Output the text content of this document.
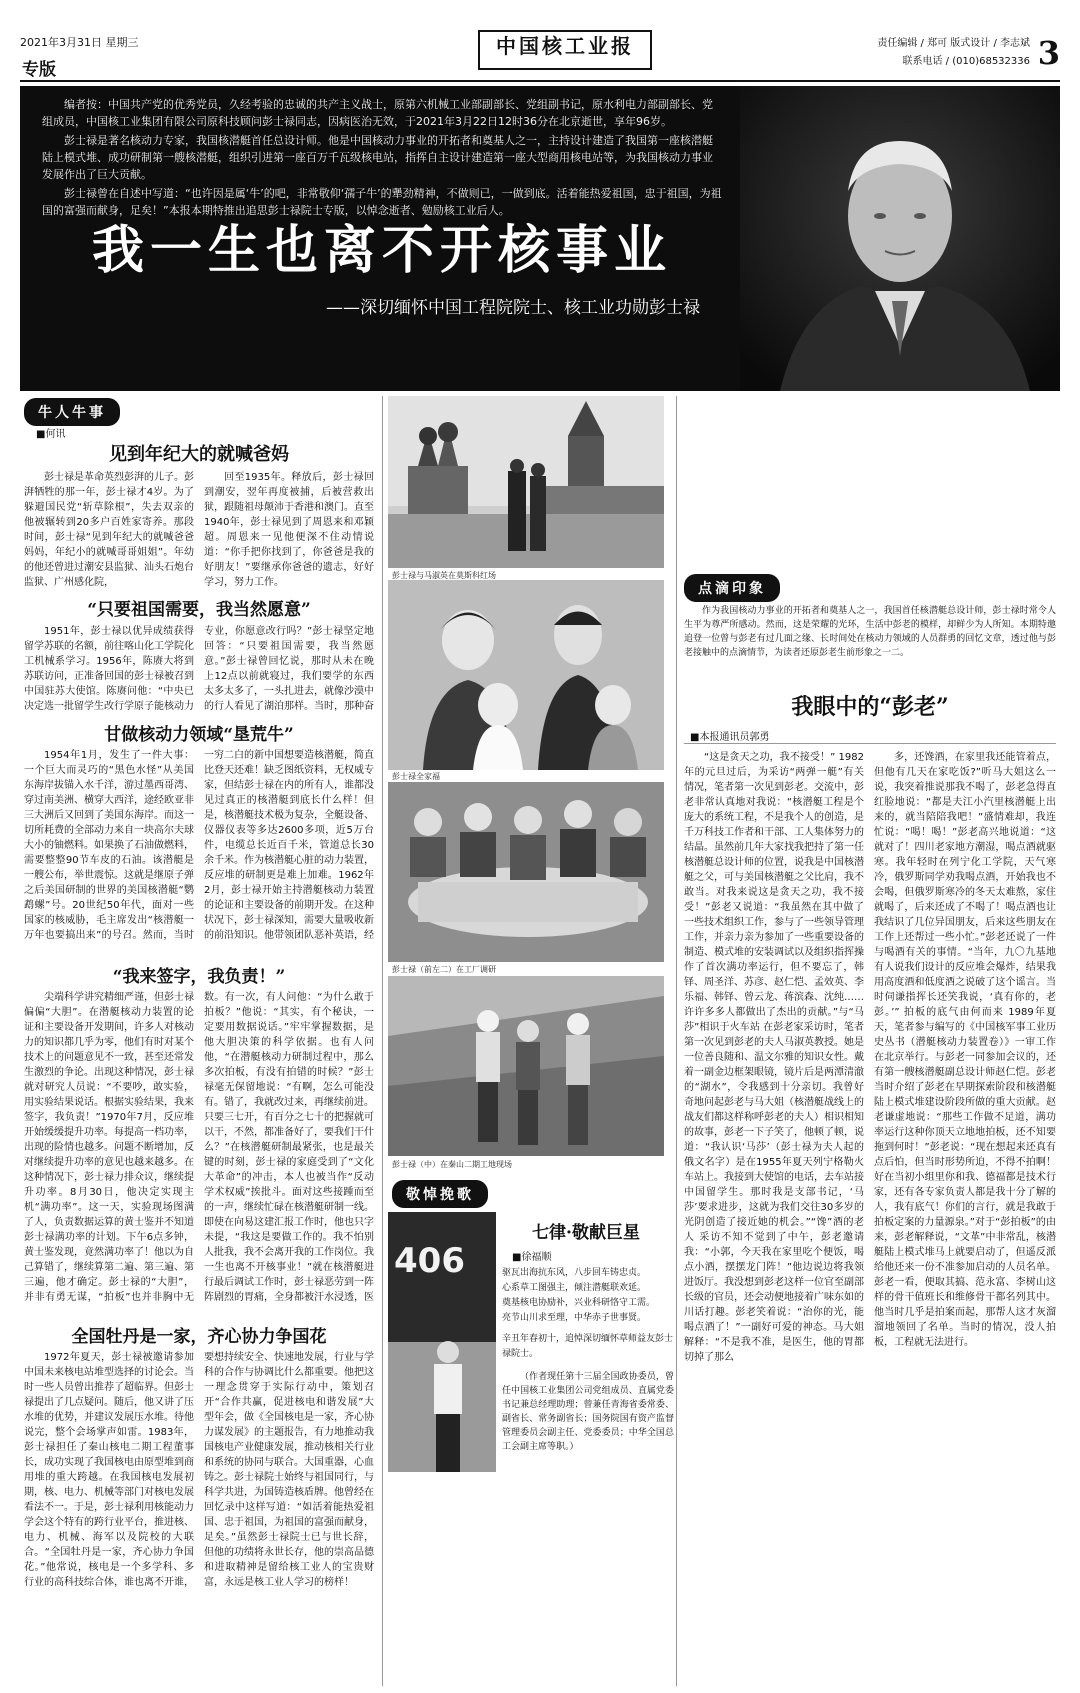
2021年3月31日 星期三
专版
中国核工业报	责任编辑 / 郑可 版式设计 / 李志斌
联系电话 / (010)68532336 3

编者按：中国共产党的优秀党员，久经考验的忠诚的共产主义战士，原第六机械工业部副部长、党组副书记，原水利电力部副部长、党组成员，中国核工业集团有限公司原科技顾问彭士禄同志，因病医治无效，于2021年3月22日12时36分在北京逝世，享年96岁。

彭士禄是著名核动力专家，我国核潜艇首任总设计师。他是中国核动力事业的开拓者和奠基人之一，主持设计建造了我国第一座核潜艇陆上模式堆、成功研制第一艘核潜艇，组织引进第一座百万千瓦级核电站，指挥自主设计建造第一座大型商用核电站等，为我国核动力事业发展作出了巨大贡献。

彭士禄曾在自述中写道：“也许因是属‘牛’的吧，非常敬仰‘孺子牛’的犟劲精神，不做则已，一做到底。活着能热爱祖国，忠于祖国，为祖国的富强而献身，足矣！”本报本期特推出追思彭士禄院士专版，以悼念逝者、勉励核工业后人。

我一生也离不开核事业
——深切缅怀中国工程院院士、核工业功勋彭士禄
牛人牛事
■何讯
见到年纪大的就喊爸妈

彭士禄是革命英烈彭湃的儿子。彭湃牺牲的那一年，彭士禄才4岁。为了躲避国民党“斩草除根”，失去双亲的他被辗转到20多户百姓家寄养。那段时间，彭士禄“见到年纪大的就喊爸爸妈妈，年纪小的就喊哥哥姐姐”。年幼的他还曾进过潮安县监狱、汕头石炮台监狱、广州感化院，

回至1935年。释放后，彭士禄回到潮安，翌年再度被捕，后被营救出狱，跟随祖母颠沛于香港和澳门。直至1940年，彭士禄见到了周恩来和邓颖超。周恩来一见他便深不住动情说道：“你手把你找到了，你爸爸是我的好朋友！”要继承你爸爸的遗志，好好学习，努力工作。

“只要祖国需要，我当然愿意”

1951年，彭士禄以优异成绩获得留学苏联的名额，前往喀山化工学院化工机械系学习。1956年，陈赓大将到苏联访问，正准备回国的彭士禄被召到中国驻苏大使馆。陈赓问他：“中央已决定选一批留学生改行学原子能核动力专业，你愿意改行吗？”彭士禄坚定地回答：“只要祖国需要，我当然愿意。”彭士禄曾回忆说，那时从未在晚上12点以前就寝过，我们要学的东西太多太多了，一头扎进去，就像沙漠中的行人看见了湖泊那样。当时，那种奋

甘做核动力领域“垦荒牛”

1954年1月，发生了一件大事：一个巨大而灵巧的“黑色水怪”从美国东海岸拔锚入水千洋，游过墨西哥湾、穿过南美洲、横穿大西洋，途经欧亚非三大洲后又回到了美国东海岸。而这一切所耗费的全部动力来自一块高尔夫球大小的铀燃料。如果换了石油做燃料，需要整整90节车皮的石油。该潜艇是一艘公布，举世震惊。这就是继原子弹之后美国研制的世界的美国核潜艇“鹦鹉螺”号。20世纪50年代，面对一些国家的核威胁，毛主席发出“核潜艇一万年也要搞出来”的号召。然而，当时一穷二白的新中国想要造核潜艇，简直比登天还难！缺乏图纸资料，无权威专家，但结彭士禄在内的所有人，谁都没见过真正的核潜艇到底长什么样！但是，核潜艇技术极为复杂，全艇设备、仪器仪表等多达2600多项，近5万台件，电缆总长近百千米，管道总长30余千米。作为核潜艇心脏的动力装置，反应堆的研制更是难上加难。1962年2月，彭士禄开始主持潜艇核动力装置的论证和主要设备的前期开发。在这种状况下，彭士禄深知，需要大量吸收新的前沿知识。他带领团队恶补英语，经

“我来签字，我负责！”

尖端科学讲究精细严谨，但彭士禄偏偏“大胆”。在潜艇核动力装置的论证和主要设备开发期间，许多人对核动力的知识都几乎为零，他们有时对某个技术上的问题意见不一致，甚至还常发生激烈的争论。出现这种情况，彭士禄就对研究人员说：“不要吵，敢实验，用实验结果说话。根据实验结果，我来签字，我负责！”1970年7月，反应堆开始缓缓提升功率。每提高一档功率，出现的险情也越多。问题不断增加，反对继续提升功率的意见也越来越多。在这种情况下，彭士禄力排众议，继续提升功率。8月30日，他决定实现主机“满功率”。这一天，实验现场图满了人，负责数据运算的黄士鉴并不知道彭士禄满功率的计划。下午6点多钟，黄士鉴发现，竟然满功率了！他以为自己算错了，继续算第二遍、第三遍、第三遍，他才确定。彭士禄的“大胆”，并非有勇无谋，“拍板”也并非胸中无数。有一次，有人问他：“为什么敢于拍板？”他说：“其实，有个秘诀，一定要用数据说话。”牢牢掌握数据，是他大胆决策的科学依据。也有人问他，“在潜艇核动力研制过程中，那么多次拍板，有没有拍错的时候？”彭士禄毫无保留地说：“有啊，怎么可能没有。错了，我就改过来，再继续前进。只要三七开，有百分之七十的把握就可以干，不然，都准备好了，要我们干什么？”在核潜艇研制最紧张，也是最关键的时刻，彭士禄的家庭受到了“文化大革命”的冲击，本人也被当作“反动学术权威”挨批斗。面对这些接踵而至的一声，继续忙碌在核潜艇研制一线。即使在向易这建汇报工作时，他也只字未提，“我这是要做工作的。我不怕别人批我，我不会离开我的工作岗位。我一生也离不开核事业！”就在核潜艇进行最后调试工作时，彭士禄恶劳到一阵阵剧烈的胃痛，全身都被汗水浸透，医

全国牡丹是一家，齐心协力争国花

1972年夏天，彭士禄被邀请参加中国未来核电站堆型选择的讨论会。当时一些人员曾出推荐了超临界。但彭士禄提出了几点疑问。随后，他又讲了压水堆的优势，并建议发展压水堆。待他说完，整个会场掌声如雷。1983年，彭士禄担任了秦山核电二期工程董事长，成功实现了我国核电由原型堆到商用堆的重大跨越。在我国核电发展初期，核、电力、机械等部门对核电发展看法不一。于是，彭士禄利用核能动力学会这个特有的跨行业平台，推进核、电力、机械、海军以及院校的大联合。“全国牡丹是一家，齐心协力争国花。”他常说，核电是一个多学科、多行业的高科技综合体，谁也离不开谁，要想持续安全、快速地发展，行业与学科的合作与协调比什么都重要。他把这一理念贯穿于实际行动中，策划召开“合作共赢，促进核电和谐发展”大型年会，做《全国核电是一家，齐心协力谋发展》的主题报告，有力地推动我国核电产业健康发展，推动核相关行业和系统的协同与联合。大国重器，心血铸之。彭士禄院士始终与祖国同行，与科学共进，为国铸造核盾牌。他曾经在回忆录中这样写道：“如活着能热爱祖国、忠于祖国，为祖国的富强而献身，足矣。”虽然彭士禄院士已与世长辞，但他的功绩将永世长存，他的崇高品德和进取精神是留给核工业人的宝贵财富，永远是核工业人学习的榜样！

彭士禄与马淑英在莫斯科红场
彭士禄全家福
彭士禄（前左二）在工厂调研
彭士禄（中）在秦山二期工地现场
敬悼挽歌
406
七律·敬献巨星
■徐福顺
驱瓦出海抗东风，八步回车铸忠贞。
心系草工图强主，倾注潜艇联欢延。
奠基核电协励补，兴业科研恪守工需。
亮节山川求至理，中华赤子世事贤。
辛丑年春初十，追悼深切缅怀草师益友彭士禄院士。

（作者现任第十三届全国政协委员，曾任中国核工业集团公司党组成员、直属党委书记兼总经理助理；曾兼任青海省委常委、副省长、常务副省长；国务院国有资产监督管理委员会副主任、党委委员；中华全国总工会副主席等职。）

点滴印象

作为我国核动力事业的开拓者和奠基人之一，我国首任核潜艇总设计师，彭士禄时常令人生平为尊严所感动。然而，这是荣耀的光环，生活中彭老的模样，却鲜少为人所知。本期特邀追登一位曾与彭老有过几面之缘、长时间处在核动力领域的人员群勇的回忆文章，透过他与彭老接触中的点滴情节，为读者还原彭老生前形象之一二。

我眼中的“彭老”
■本报通讯员郭勇

“这是贪天之功，我不接受！” 1982年的元旦过后，为采访“两弹一艇”有关情况，笔者第一次见到彭老。交流中，彭老非常认真地对我说：“核潜艇工程是个庞大的系统工程，不是我个人的创造，是千万科技工作者和干部、工人集体努力的结晶。虽然前几年大家找我把持了第一任核潜艇总设计师的位置，说我是中国核潜艇之父，可与美国核潜艇之父比肩，我不敢当。对我来说这是贪天之功，我不接受！”彭老又说道：“我虽然在其中做了一些技术组织工作，参与了一些领导管理工作，并亲力亲为参加了一些重要设备的制造、模式堆的安装调试以及组织指挥操作了首次满功率运行，但不要忘了，韩铎、周圣洋、苏彦、赵仁恺、孟效英、李乐福、韩铎、曾云龙、蒋滨森、沈纯……许许多多人都做出了杰出的贡献。”与“马莎”相识于火车站 在彭老家采访时，笔者第一次见到彭老的夫人马淑英教授。她是一位善良随和、温文尔雅的知识女性。戴着一副金边框架眼镜，镜片后是两潭清澈的“湖水”，令我感到十分亲切。我曾好奇地问起彭老与马大姐（核潜艇战线上的战友们都这样称呼彭老的夫人）相识相知的故事，彭老一下子笑了，他顿了顿，说道：“我认识‘马莎’（彭士禄为夫人起的俄文名字）是在1955年夏天列宁格勒火车站上。我接到大使馆的电话，去车站接中国留学生。那时我是支部书记，‘马莎’要求进步，这就为我们交往30多岁的光阴创造了接近她的机会。”“馋”酒的老人 采访不知不觉到了中午，彭老邀请我：“小郭，今天我在家里吃个便饭，喝点小酒，摆摆龙门阵！”他边说边将我领进饭厅。我没想到彭老这样一位官至副部长级的官员，还会动便地接着广味东如的川话打趣。彭老笑着说：“治你的光，能喝点酒了！”一副好可爱的神态。马大姐解释：“不是我不准，是医生，他的胃都切掉了那么

多，还馋酒，在家里我还能管着点，但他有几天在家吃饭?”听马大姐这么一说，我突着推说那我不喝了，彭老急得直红脸地说：“都是夫江小汽里核潜艇上出来的，就当陪陪我吧！”盛情难却，我连忙说：“喝！喝！”彭老高兴地说道：“这就对了！四川老家地方潮湿，喝点酒就驱寒。我年轻时在列宁化工学院，天气寒冷，俄罗斯同学劝我喝点酒，开始我也不会喝，但俄罗斯寒冷的冬天太难熬，家住就喝了，后来还成了不喝了！喝点酒也让我结识了几位异国朋友，后来这些朋友在工作上还帮过一些小忙。”彭老还说了一件与喝酒有关的事情。“当年，九〇九基地有人说我们设计的反应堆会爆炸，结果我用高度酒和低度酒之说破了这个谣言。当时伺谦指挥长还笑我说，‘真有你的，老彭。’” 拍板的底气由何而来 1989年夏天，笔者参与编写的《中国核军事工业历史丛书（潜艇核动力装置卷）》一审工作在北京举行。与彭老一同参加会议的，还有第一艘核潜艇副总设计师赵仁恺。彭老当时介绍了彭老在早期探索阶段和核潜艇陆上模式堆建设阶段所做的重大贡献。赵老谦虚地说：“那些工作做不足道，满功率运行这种你顶天立地地拍板，还不知要拖到何时！”彭老说：“现在想起来还真有点后怕，但当时形势所迫，不得不拍啊！好在当初小组里你和我、德福都是技术行家，还有各专家负责人都是我十分了解的人，我有底气！你们的言行，就是我敢于拍板定案的力量源泉。”对于“彭拍板”的由来，彭老解释说，“文革”中非常乱，核潜艇陆上模式堆马上就要启动了，但遥反派给他还来一份不准参加启动的人员名单。彭老一看，便取其搞、范永富、李树山这样的骨干值班长和维修骨干都名列其中。他当时几乎是拍案而起，那帮人这才灰溜溜地领回了名单。当时的情况，没人拍板，工程就无法进行。
